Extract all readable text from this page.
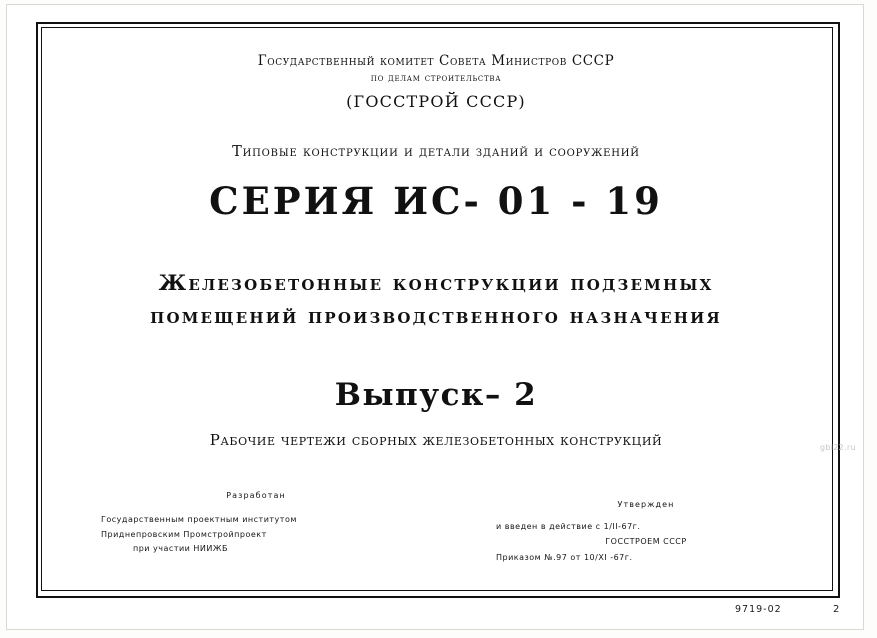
Государственный комитет Совета Министров СССР
по делам строительства
(ГОССТРОЙ СССР)
Типовые конструкции и детали зданий и сооружений
СЕРИЯ ИС- 01 - 19
Железобетонные конструкции подземных
помещений производственного назначения
Выпуск– 2
Рабочие чертежи сборных железобетонных конструкций
Разработан
Государственным проектным институтом
Приднепровским Промстройпроект
при участии НИИЖБ
Утвержден
и введен в действие с 1/II-67г.
ГОССТРОЕМ СССР
Приказом №.97 от 10/XI -67г.
9719-02	2
gbi22.ru
